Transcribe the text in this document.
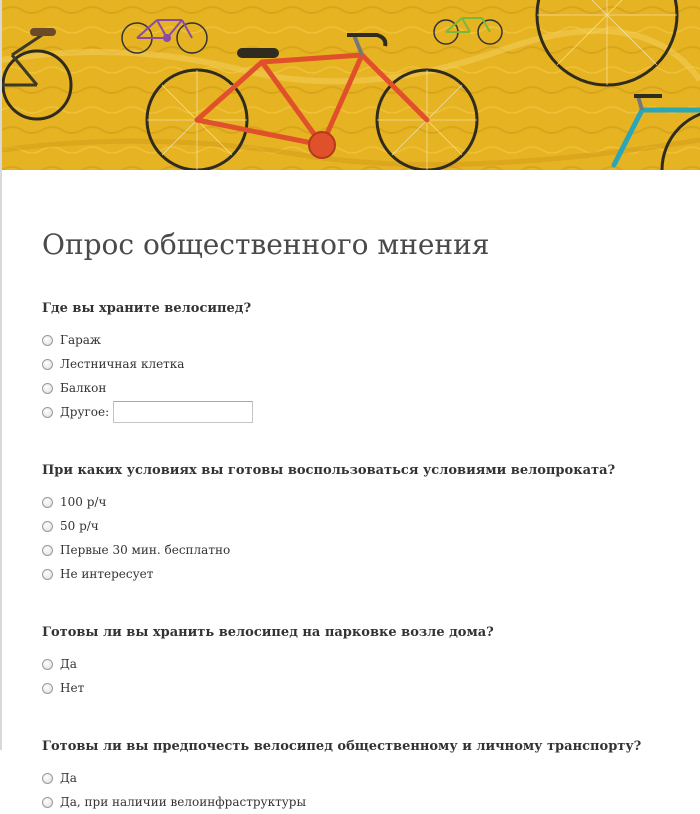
Опрос общественного мнения
Где вы храните велосипед?
Гараж
Лестничная клетка
Балкон
Другое:
При каких условиях вы готовы воспользоваться условиями велопроката?
100 р/ч
50 р/ч
Первые 30 мин. бесплатно
Не интересует
Готовы ли вы хранить велосипед на парковке возле дома?
Да
Нет
Готовы ли вы предпочесть велосипед общественному и личному транспорту?
Да
Да, при наличии велоинфраструктуры
